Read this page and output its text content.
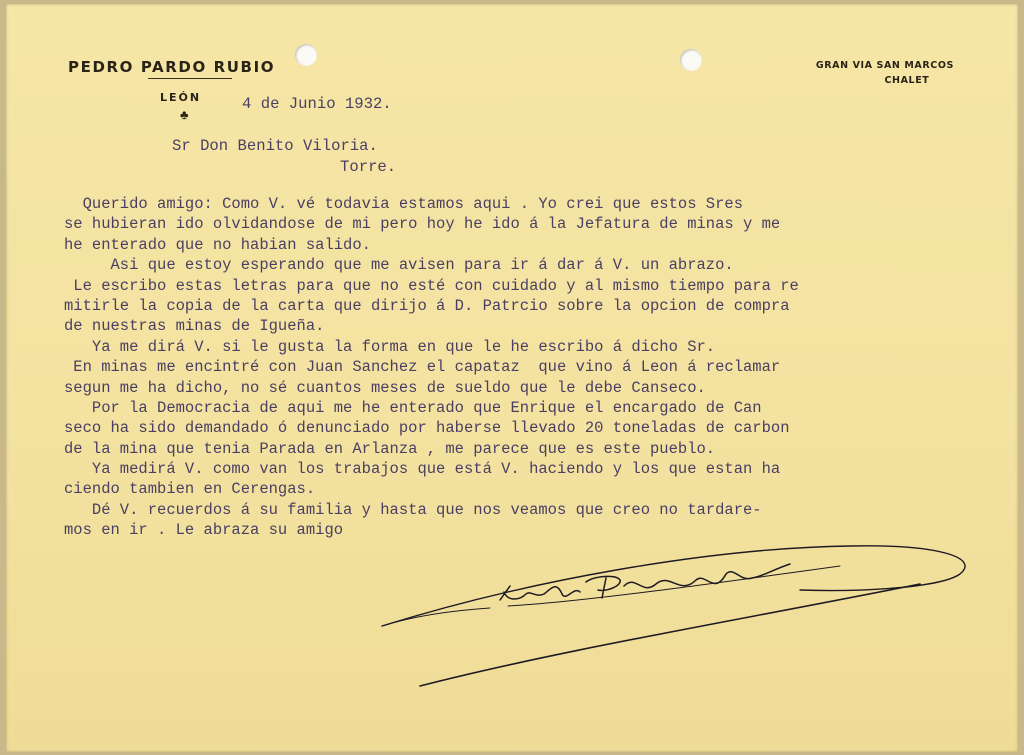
PEDRO PARDO RUBIO
LEÓN
♣
GRAN VIA SAN MARCOS
CHALET
4 de Junio 1932.
Sr Don Benito Viloria.
Torre.
Querido amigo: Como V. vé todavia estamos aqui . Yo crei que estos Sres
se hubieran ido olvidandose de mi pero hoy he ido á la Jefatura de minas y me
he enterado que no habian salido.
Asi que estoy esperando que me avisen para ir á dar á V. un abrazo.
Le escribo estas letras para que no esté con cuidado y al mismo tiempo para re
mitirle la copia de la carta que dirijo á D. Patrcio sobre la opcion de compra
de nuestras minas de Igueña.
Ya me dirá V. si le gusta la forma en que le he escribo á dicho Sr.
En minas me encintré con Juan Sanchez el capataz  que vino á Leon á reclamar
segun me ha dicho, no sé cuantos meses de sueldo que le debe Canseco.
Por la Democracia de aqui me he enterado que Enrique el encargado de Can
seco ha sido demandado ó denunciado por haberse llevado 20 toneladas de carbon
de la mina que tenia Parada en Arlanza , me parece que es este pueblo.
Ya medirá V. como van los trabajos que está V. haciendo y los que estan ha
ciendo tambien en Cerengas.
Dé V. recuerdos á su familia y hasta que nos veamos que creo no tardare-
mos en ir . Le abraza su amigo
